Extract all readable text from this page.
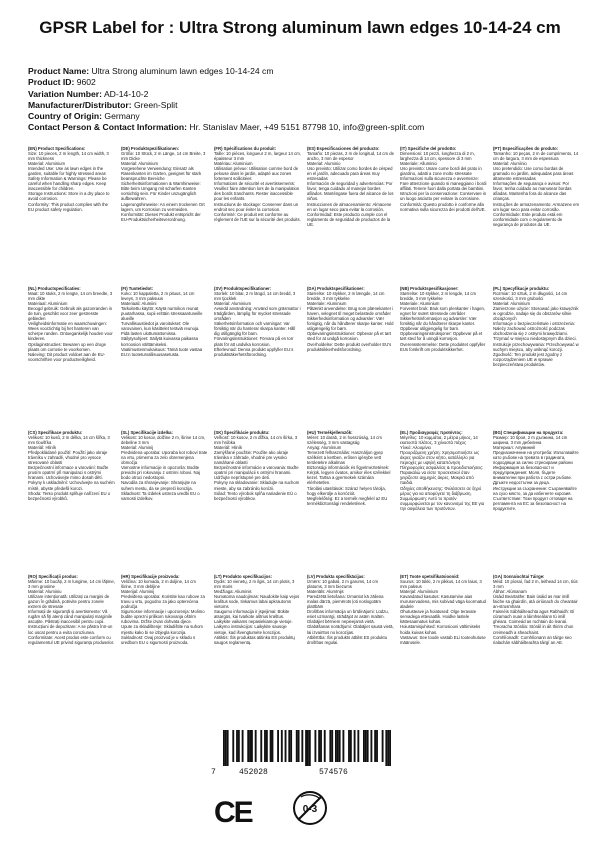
GPSR Label for : Ultra Strong aluminum lawn edges 10-14-24 cm
Product Name: Ultra Strong aluminum lawn edges 10-14-24 cm
Product ID: 9602
Variation Number: AD-14-10-2
Manufacturer/Distributor: Green-Split
Country of Origin: Germany
Contact Person & Contact Information: Hr. Stanislav Maer, +49 5151 87798 10, info@green-split.com
(EN) Product Specifications:
Size: 10 pieces, 2 m length, 14 cm width, 3 mm thickness
Material: Aluminium
Intended Use: Use as lawn edges in the garden, suitable for highly stressed areas
Safety Information & Warnings: Please be careful when handling sharp edges. Keep inaccessible for children.
Storage Instructions: Store in a dry place to avoid corrosion.
Conformity: This product complies with the EU product safety regulation.
(DE) Produktspezifikationen:
Größe: 10 Stück, 2 m Länge, 14 cm Breite, 3 mm Dicke
Material: Aluminium
Vorgesehene Verwendung: Einsatz als Rasenkanten im Garten, geeignet für stark beanspruchte Bereiche
Sicherheitsinformationen & Warnhinweise: Bitte beim Umgang mit scharfen Kanten vorsichtig sein. Für Kinder unzugänglich aufbewahren.
Lagerungshinweise: An einem trockenen Ort lagern, um Korrosion zu vermeiden.
Konformität: Dieses Produkt entspricht der EU-Produktsicherheitsverordnung.
(FR) Spécifications du produit:
Taille: 10 pièces, longueur 2 m, largeur 14 cm, épaisseur 3 mm
Matériau: Aluminium
Utilisation prévue: Utilisation comme bord de pelouse dans le jardin, adapté aux zones fortement sollicitées
Informations de sécurité et avertissements: Veuillez faire attention lors de la manipulation des bords tranchants. Rester inaccessible pour les enfants.
Instructions de stockage: Conserver dans un endroit sec pour éviter la corrosion.
Conformité: Ce produit est conforme au règlement de l'UE sur la sécurité des produits.
(ES) Especificaciones del producto:
Tamaño: 10 piezas, 2 m de longitud, 14 cm de ancho, 3 mm de espesor
Material: Aluminio
Uso previsto: Utilizar como bordes de césped en el jardín, adecuado para áreas muy estresadas
Información de seguridad y advertencias: Por favor, tenga cuidado al manejar bordes afilados. Manténgase fuera del alcance de los niños.
Instrucciones de almacenamiento: Almacene en un lugar seco para evitar la corrosión.
Conformidad: Este producto cumple con el reglamento de seguridad de productos de la UE.
(IT) Specifiche del prodotto:
Dimensioni: 10 pezzi, lunghezza di 2 m, larghezza di 14 cm, spessore di 3 mm
Materiale: Alluminio
Uso previsto: Usare come bordi del prato in giardino, adatti a zone molto stressate
Informazioni sulla sicurezza e avvertenze: Fare attenzione quando si maneggiano i bordi affilati. Tenere fuori dalla portata dei bambini.
Istruzioni per la conservazione: Conservare in un luogo asciutto per evitare la corrosione.
Conformità: Questo prodotto è conforme alla normativa sulla sicurezza dei prodotti dell'UE.
(PT) Especificações do produto:
Tamanho: 10 peças, 2 m de comprimento, 14 cm de largura, 3 mm de espessura
Material: Alumínio
Uso pretendido: Use como bordas de gramado no jardim, adequadas para áreas altamente estressadas
Informações de segurança e avisos: Por favor, tenha cuidado ao manusear bordas afiadas. Mantenha fora do alcance das crianças.
Instruções de armazenamento: Armazene em um lugar seco para evitar corrosão.
Conformidade: Este produto está em conformidade com o regulamento de segurança de produtos da UE.
(NL) Productspecificaties:
Maat: 10 stuks, 2 m lengte, 14 cm breedte, 3 mm dikte
Materiaal: Aluminium
Beoogd gebruik: Gebruik als gazonranden in de tuin, geschikt voor zeer gestresste gebieden
Veiligheidsinformatie en waarschuwingen: Wees voorzichtig bij het hanteren van scherpe randen. Ontoegankelijk houden voor kinderen.
Opslaginstructies: Bewaren op een droge plaats om corrosie te voorkomen.
Naleving: Dit product voldoet aan de EU-voorschriften voor productveiligheid.
(FI) Tuotetiedot:
Koko: 10 kappaletta, 2 m pituus, 14 cm leveys, 3 mm paksuus
Materiaali: Alumiini
Tarkoitettu käyttö: Käytä nurmikon reunat puutarhassa, sopii erittäin stressaantuneille alueille
Turvallisuustiedot ja varoitukset: Ole varovainen, kun käsittelet teräviä reunoja. Pidä lasten ulottumattomissa.
Säilytysohjeet: Säilytä kuivassa paikassa korroosion välttämiseksi.
Vaatimustenmukaisuus: Tämä tuote vastaa EU:n tuoteturvallisuusasetusta.
(SV) Produktspecifikationer:
Storlek: 10 bitar, 2 m längd, 14 cm bredd, 3 mm tjocklek
Material: Aluminium
Avsedd användning: Använd som gräsmattor i trädgården, lämplig för mycket stressade områden
Säkerhetsinformation och varningar: Var försiktig när du hanterar skarpa kanter. Håll dig otillgänglig för barn.
Förvaringsinstruktioner: Förvara på en torr plats för att undvika korrosion.
Efterlevnad: Denna produkt uppfyller EU:s produktsäkerhetsförordning.
(DA) Produktspecifikationer:
Størrelse: 10 stykker, 2 m længde, 14 cm bredde, 3 mm tykkelse
Materiale: Aluminium
Påtænkt anvendelse: Brug som plænekanter i haven, velegnet til meget belastede områder
Sikkerhedsinformation og advarsler: Vær forsigtig, når du håndterer skarpe kanter. Hold utilgængelig for børn.
Opbevaringsinstruktioner: Opbevar på et tørt sted for at undgå korrosion.
Overholdelse: Dette produkt overholder EU's produktsikkerhedsforordning.
(NB) Produktspesifikasjoner:
Størrelse: 10 stykker, 2 m lengde, 14 cm bredde, 3 mm tykkelse
Materiale: Aluminium
Forventet bruk: Bruk som plenkanter i hagen, egnet for svært stressede områder
Sikkerhetsinformasjon og advarsler: Vær forsiktig når du håndterer skarpe kanter. Oppbevar utilgjengelig for barn.
Oppbevaringsinstruksjoner: Oppbevar på et tørt sted for å unngå korrosjon.
Overensstemmelse: Dette produktet oppfyller EUs forskrift om produktsikkerhet.
(PL) Specyfikacje produktu:
Rozmiar: 10 sztuk, 2 m długości, 14 cm szerokości, 3 mm grubości
Materiał: Aluminium
Zamierzone użycie: Stosować jako krawężnik w ogrodzie, nadaje się do obszarów silnie obciążonych
Informacje o bezpieczeństwie i ostrzeżenia: Należy zachować ostrożność podczas obchodzenia się z ostrymi krawędziami. Trzymać w miejscu niedostępnym dla dzieci.
Instrukcje przechowywania: Przechowywać w suchym miejscu, aby uniknąć korozji.
Zgodność: Ten produkt jest zgodny z rozporządzeniem UE w sprawie bezpieczeństwa produktów.
(CS) Specifikace produktu:
Velikost: 10 kusů, 2 m délka, 14 cm šířka, 3 mm tloušťka
Materiál: Hliník
Předpokládané použití: Použití jako okraje trávníku v zahradě, vhodné pro vysoce stresované oblasti
Bezpečnostní informace a varování: Buďte prosím opatrní při manipulaci s ostrými hranami. Uchovávejte mimo dosah dětí.
Pokyny k uskladnění: Uchovávejte na suchém místě, abyste předešli korozi.
Shoda: Tento produkt splňuje nařízení EU o bezpečnosti výrobků.
(SL) Specifikacije izdelka:
Velikost: 10 kosov, dolžine 2 m, širine 14 cm, debeline 3 mm
Material: Aluminij
Predvidena uporaba: Uporaba kot robovi trate na vrtu, primerna za zelo obremenjena območja
Varnostne informacije in opozorila: Bodite previdni pri rokovanju z ostrimi robovi. Naj bodo otroci nedostopni.
Navodila za shranjevanje: Shranjujte na suhem mestu, da se prepreči korozija.
Skladnost: Ta izdelek ustreza uredbi EU o varnosti izdelkov.
(SK) Špecifikácie produktu:
Veľkosť: 10 kusov, 2 m dĺžka, 14 cm šírka, 3 mm hrúbka
Materiál: Hliník
Zamýšľané použitie: Použite ako okraje trávnika v záhrade, vhodné pre vysoko namáhané oblasti
Bezpečnostné informácie a varovania: Buďte opatrní pri manipulácii s ostrými hranami. Udržujte neprístupné pre deti.
Pokyny na skladovanie: Skladujte na suchom mieste, aby sa zabránilo korózii.
Súlad: Tento výrobok spĺňa nariadenie EÚ o bezpečnosti výrobkov.
(HU) Termékjellemzők:
Méret: 10 darab, 2 m hosszúság, 14 cm szélesség, 3 mm vastagság
Anyag: Alumínium
Tervezett felhasználás: Használjon gyep szélként a kertben, erősen igénybe vett területekre alkalmas
Biztonsági információk és figyelmeztetések: Kérjük, legyen óvatos, amikor éles szélekkel kezel. Tartsa a gyermekek számára elérhetetlen.
Tárolási utasítások: Száraz helyen tárolja, hogy elkerülje a korróziót.
Megfelelőség: Ez a termék megfelel az EU termékbiztonsági rendeletének.
(EL) Προδιαγραφές προϊόντος:
Μέγεθος: 10 κομμάτια, 2 μέτρα μήκος, 14 εκατοστά πλάτος, 3 χιλιοστά πάχος
Υλικό: Αλουμίνιο
Προοριζόμενη χρήση: Χρησιμοποιήστε ως άκρες γκαζόν στον κήπο, κατάλληλο για περιοχές με υψηλή καταπόνηση
Πληροφορίες ασφαλείας & προειδοποιήσεις: Παρακαλώ να είστε προσεκτικοί όταν χειρίζεστε αιχμηρές άκρες. Μακριά από παιδιά.
Οδηγίες αποθήκευσης: Φυλάσσετε σε ξηρό μέρος για να αποφύγετε τη διάβρωση.
Συμμόρφωση: Αυτό το προϊόν συμμορφώνεται με τον κανονισμό της ΕΕ για την ασφάλεια των προϊόντων.
(BG) Спецификации на продукта:
Размер: 10 броя, 2 m дължина, 14 cm ширина, 3 mm дебелина
Материал: Алуминий
Предназначение на употреба: Използвайте като ръбове на тревата в градината, подходящи за силно стресирани райони
Информация за безопасност и предупреждения: Моля, бъдете внимателни при работа с остри ръбове. Дръжте недостъпни за деца.
Инструкции за съхранение: Съхранявайте на сухо място, за да избегнете корозия.
Съответствие: Този продукт отговаря на регламента на ЕС за безопасност на продуктите.
(RO) Specificații produs:
Mărime: 10 bucăți, 2 m lungime, 14 cm lățime, 3 mm grosime
Material: Aluminiu
Utilizare intenționată: Utilizați ca margini de gazon în grădină, potrivite pentru zonele extrem de stresate
Informații de siguranță și avertismente: Vă rugăm să fiți atenți când manipulați marginile ascuțite. Păstrați inaccesibil pentru copii.
Instrucțiuni de depozitare: A se păstra într-un loc uscat pentru a evita coroziunea.
Conformitate: Acest produs este conform cu regulamentul UE privind siguranța produselor.
(HR) Specifikacije proizvoda:
Veličina: 10 komada, 2 m duljine, 14 cm širine, 3 mm debljine
Materijal: Aluminij
Predviđena uporaba: Koristite kao rubove za travu u vrtu, pogodno za jako opterećena područja
Sigurnosne informacije i upozorenja: Molimo budite oprezni prilikom rukovanja oštrim rubovima. Držite izvan dohvata djece.
Upute za skladištenje: Skladištite na suhom mjestu kako bi se izbjegla korozija.
Sukladnost: Ovaj proizvod je u skladu s uredbom EU o sigurnosti proizvoda.
(LT) Produkto specifikacijos:
Dydis: 10 vienetų, 2 m ilgis, 14 cm plotis, 3 mm storis
Medžiaga: Aliuminis
Numatoma naudojimas: Naudokite kaip vejos kraštus sode, tinkamus labai apkrautoms vietoms
Saugumo informacija ir įspėjimai: Būkite atsargūs, kai tvarkote aštrius kraštus. Laikykite vaikams nepasiekiamoje vietoje.
Laikymo instrukcijos: Laikykite sausoje vietoje, kad išvengtumėte korozijos.
Atitiktis: Šis produktas atitinka ES produktų saugos reglamentą.
(LV) Produkta specifikācijas:
Izmērs: 10 gabali, 2 m garums, 14 cm platums, 3 mm biezums
Materiāls: Alumīnijs
Paredzētā lietošana: Izmantot kā zāliena malas dārzā, piemērots ļoti noslogotām platībām
Drošības informācija un brīdinājumi: Lūdzu, esiet uzmanīgi, strādājot ar asām malām. Glabājiet bērniem nepieejamā vietā.
Glabāšanas norādījumi: Glabājiet sausā vietā, lai izvairītos no korozijas.
Atbilstība: Šis produkts atbilst ES produktu drošības regulai.
(ET) Toote spetsifikatsioonid:
Suurus: 10 tükki, 2 m pikkus, 14 cm laius, 3 mm paksus
Materjal: Alumiinium
Kavandatud kasutus: Kasutamine aias muruservadena, mis sobivad väga koormatud aladele
Ohutusteave ja hoiatused: Olge teravate servadega ettevaatlik. Hoidke lastele kättesaamatus kohas.
Hoiustamisjuhised: Korrosiooni vältimiseks hoida kuivas kohas.
Vastavus: See toode vastab ELi tooteohutuse määrusele.
(GA) Sonraíochtaí Táirge:
Méid: 10 píosaí, fad 2 m, leithead 14 cm, tiús 3 mm
Ábhar: Alúmanam
Úsáid Beartaithe: Bain úsáid as mar imill faiche sa ghairdín, atá oiriúnach do cheantair an-strusmhara
Faisnéis Sábháilteachta agus Rabhaidh: Bí cúramach nuair a láimhseálann tú imill ghéara. Coimeád as rochtain do leanaí.
Treoracha Stórála: Stóráil in áit thirim chun creimeadh a sheachaint.
Comhlíonadh: Comhlíonann an táirge seo rialachán sábháilteachta táirgí an AE.
7	452028	574576
CE	0-3
